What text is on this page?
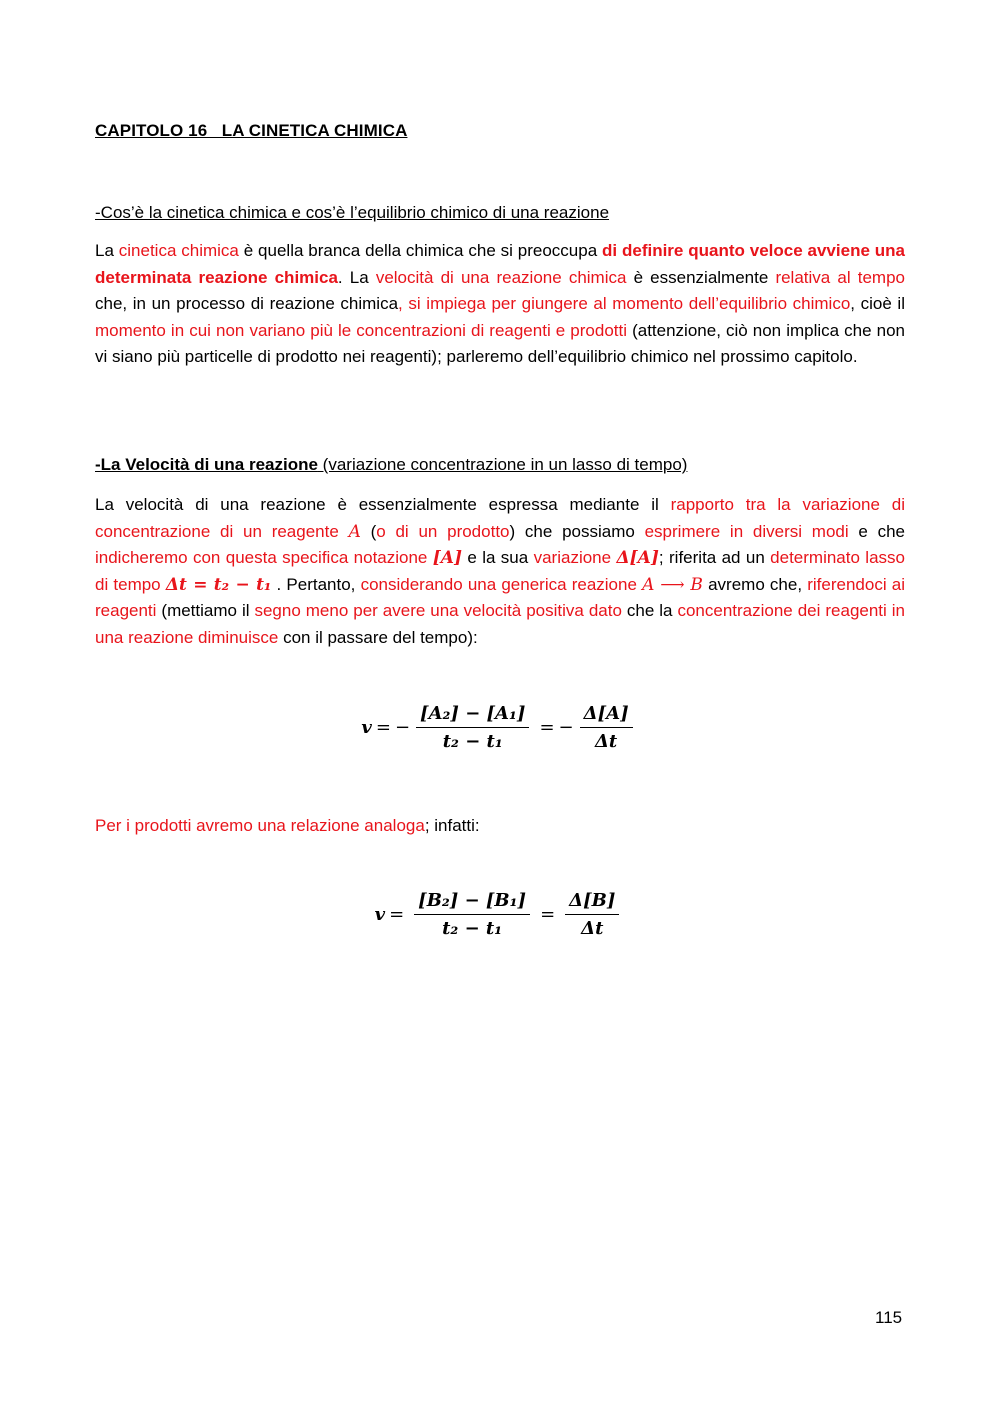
CAPITOLO 16   LA CINETICA CHIMICA
-Cos’è la cinetica chimica e cos’è l’equilibrio chimico di una reazione
La cinetica chimica è quella branca della chimica che si preoccupa di definire quanto veloce avviene una determinata reazione chimica. La velocità di una reazione chimica è essenzialmente relativa al tempo che, in un processo di reazione chimica, si impiega per giungere al momento dell’equilibrio chimico, cioè il momento in cui non variano più le concentrazioni di reagenti e prodotti (attenzione, ciò non implica che non vi siano più particelle di prodotto nei reagenti); parleremo dell’equilibrio chimico nel prossimo capitolo.
-La Velocità di una reazione (variazione concentrazione in un lasso di tempo)
La velocità di una reazione è essenzialmente espressa mediante il rapporto tra la variazione di concentrazione di un reagente A (o di un prodotto) che possiamo esprimere in diversi modi e che indicheremo con questa specifica notazione [A] e la sua variazione Δ[A]; riferita ad un determinato lasso di tempo Δt = t₂ − t₁ . Pertanto, considerando una generica reazione A ⟶ B avremo che, riferendoci ai reagenti (mettiamo il segno meno per avere una velocità positiva dato che la concentrazione dei reagenti in una reazione diminuisce con il passare del tempo):
v = − $\frac{\text{[A₂] − [A₁]}}{\text{t₂ − t₁}}$ = − $\frac{\Delta[A]}{\Delta t}$
Per i prodotti avremo una relazione analoga; infatti:
$v = \frac{\text{[B₂] − [B₁]}}{\text{t₂ − t₁}} = \frac{\Delta[B]}{\Delta t}$
115
